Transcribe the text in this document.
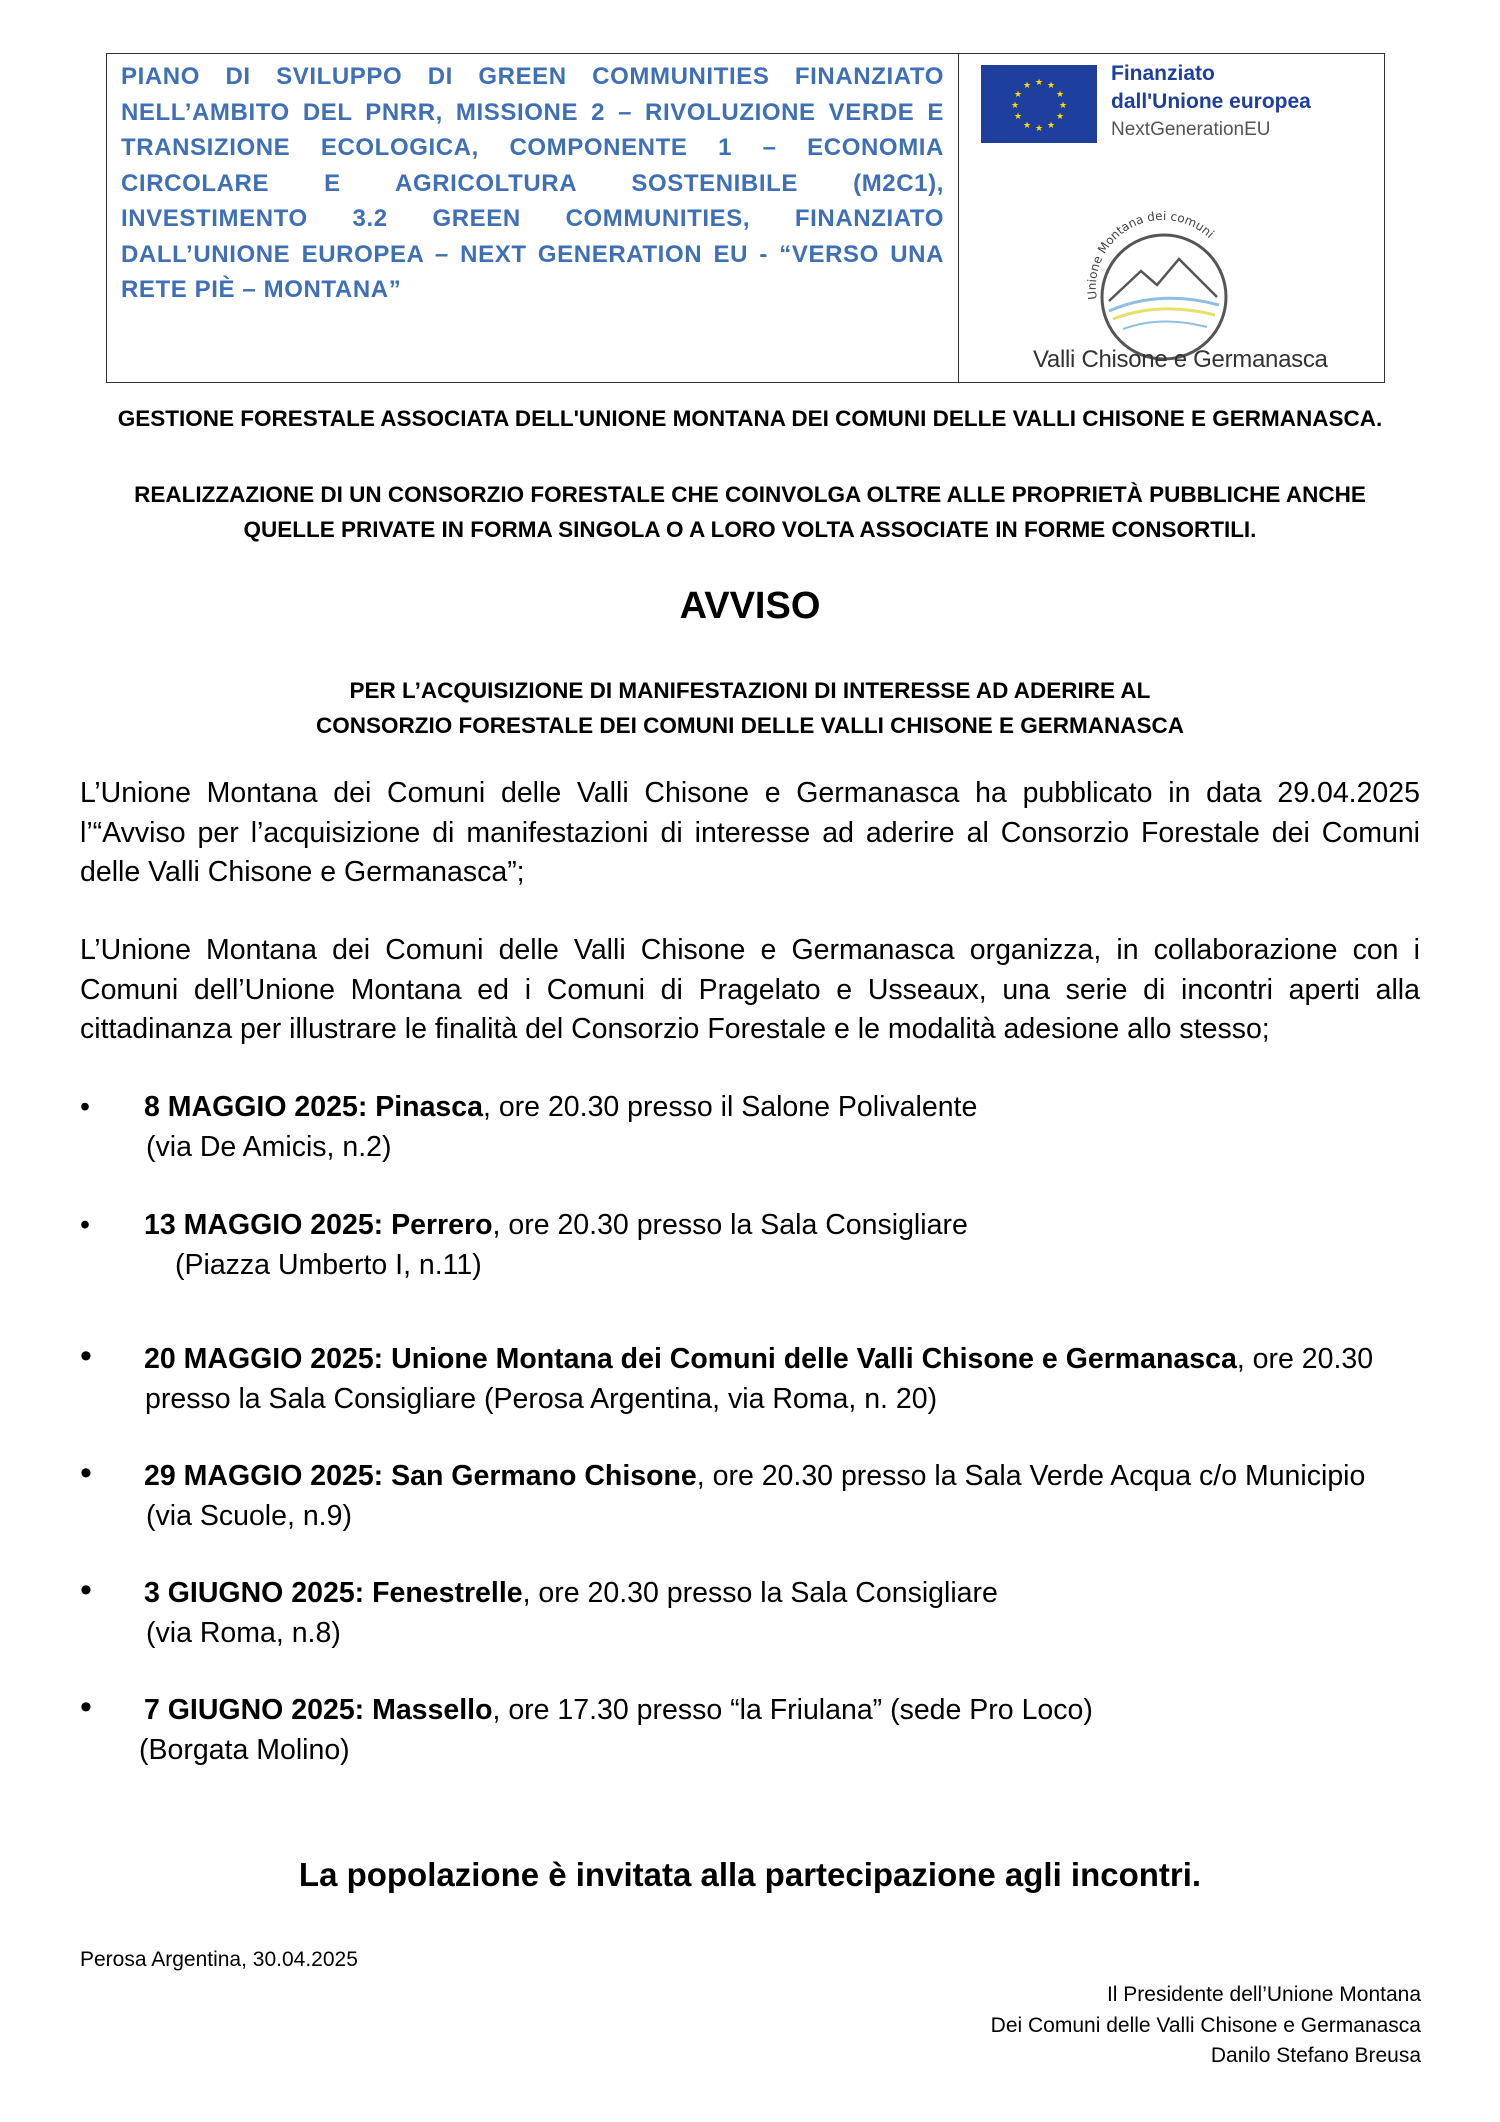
PIANO DI SVILUPPO DI GREEN COMMUNITIES FINANZIATO NELL’AMBITO DEL PNRR, MISSIONE 2 – RIVOLUZIONE VERDE E TRANSIZIONE ECOLOGICA, COMPONENTE 1 – ECONOMIA CIRCOLARE E AGRICOLTURA SOSTENIBILE (M2C1), INVESTIMENTO 3.2 GREEN COMMUNITIES, FINANZIATO DALL’UNIONE EUROPEA – NEXT GENERATION EU - “VERSO UNA RETE PIÈ – MONTANA”

★ ★
★
★
★
★
★
★
★
★
★
★
Finanziato
dall'Unione europea
NextGenerationEU
Unione Montana dei comuni
Valli Chisone e Germanasca
GESTIONE FORESTALE ASSOCIATA DELL'UNIONE MONTANA DEI COMUNI DELLE VALLI CHISONE E GERMANASCA.
REALIZZAZIONE DI UN CONSORZIO FORESTALE CHE COINVOLGA OLTRE ALLE PROPRIETÀ PUBBLICHE ANCHE
QUELLE PRIVATE IN FORMA SINGOLA O A LORO VOLTA ASSOCIATE IN FORME CONSORTILI.
AVVISO
PER L’ACQUISIZIONE DI MANIFESTAZIONI DI INTERESSE AD ADERIRE AL
CONSORZIO FORESTALE DEI COMUNI DELLE VALLI CHISONE E GERMANASCA

L’Unione Montana dei Comuni delle Valli Chisone e Germanasca ha pubblicato in data 29.04.2025 l’“Avviso per l’acquisizione di manifestazioni di interesse ad aderire al Consorzio Forestale dei Comuni delle Valli Chisone e Germanasca”;

L’Unione Montana dei Comuni delle Valli Chisone e Germanasca organizza, in collaborazione con i Comuni dell’Unione Montana ed i Comuni di Pragelato e Usseaux, una serie di incontri aperti alla cittadinanza per illustrare le finalità del Consorzio Forestale e le modalità adesione allo stesso;

• 8 MAGGIO 2025: Pinasca, ore 20.30 presso il Salone Polivalente
(via De Amicis, n.2)
• 13 MAGGIO 2025: Perrero, ore 20.30 presso la Sala Consigliare
(Piazza Umberto I, n.11)
• 20 MAGGIO 2025: Unione Montana dei Comuni delle Valli Chisone e Germanasca, ore 20.30
presso la Sala Consigliare (Perosa Argentina, via Roma, n. 20)
• 29 MAGGIO 2025: San Germano Chisone, ore 20.30 presso la Sala Verde Acqua c/o Municipio
(via Scuole, n.9)
• 3 GIUGNO 2025: Fenestrelle, ore 20.30 presso la Sala Consigliare
(via Roma, n.8)
• 7 GIUGNO 2025: Massello, ore 17.30 presso “la Friulana” (sede Pro Loco)
(Borgata Molino)
La popolazione è invitata alla partecipazione agli incontri.
Perosa Argentina, 30.04.2025
Il Presidente dell’Unione Montana
Dei Comuni delle Valli Chisone e Germanasca
Danilo Stefano Breusa
